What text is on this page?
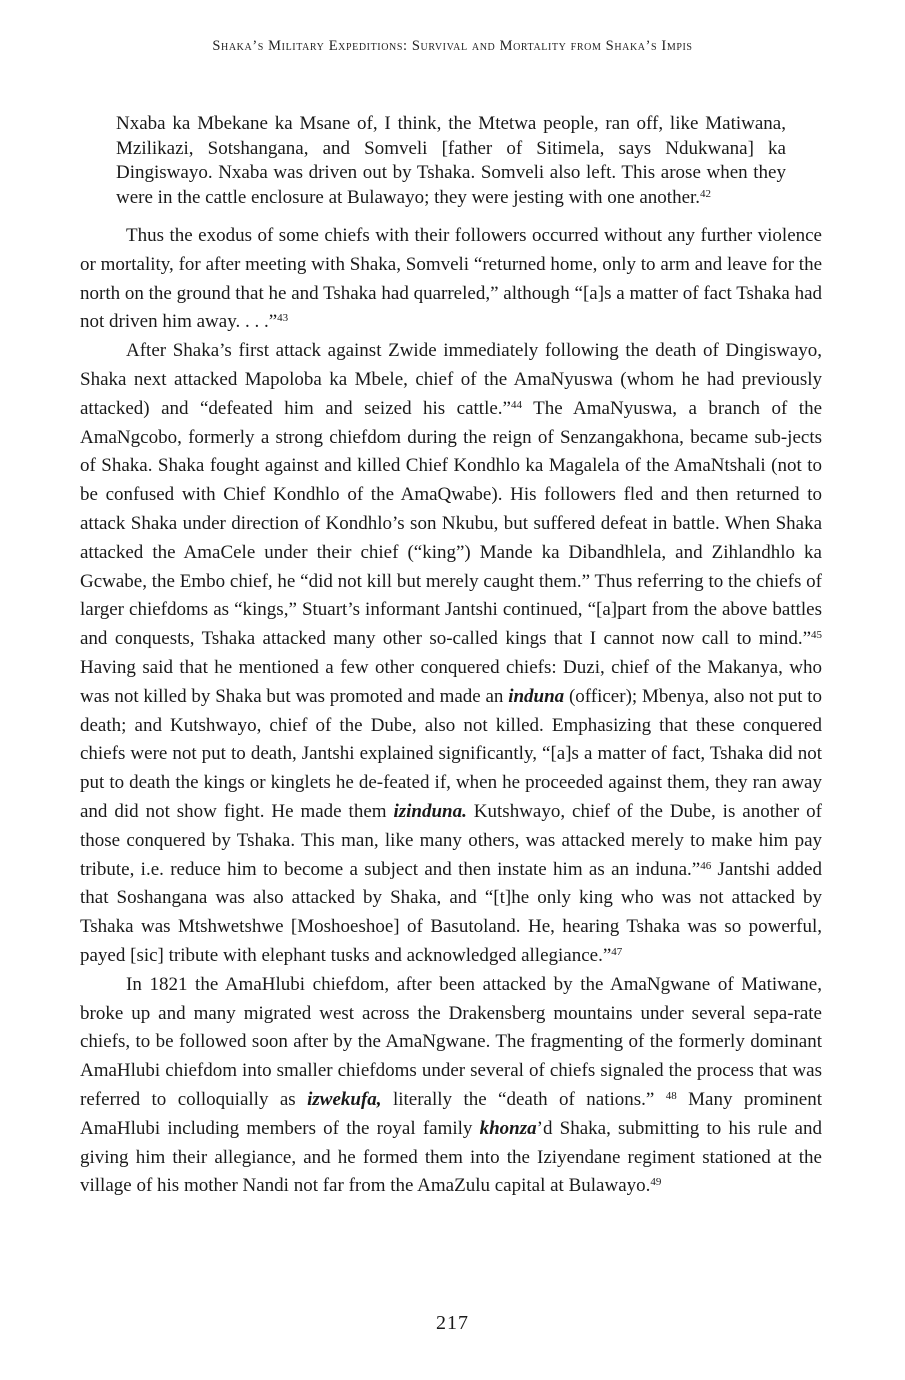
Shaka’s Military Expeditions: Survival and Mortality from Shaka’s Impis

Nxaba ka Mbekane ka Msane of, I think, the Mtetwa people, ran off, like Matiwana, Mzilikazi, Sotshangana, and Somveli [father of Sitimela, says Ndukwana] ka Dingiswayo. Nxaba was driven out by Tshaka. Somveli also left. This arose when they were in the cattle enclosure at Bulawayo; they were jesting with one another.$^{42}$

Thus the exodus of some chiefs with their followers occurred without any further violence or mortality, for after meeting with Shaka, Somveli “returned home, only to arm and leave for the north on the ground that he and Tshaka had quarreled,” although “[a]s a matter of fact Tshaka had not driven him away. . . .”$^{43}$

After Shaka’s first attack against Zwide immediately following the death of Dingiswayo, Shaka next attacked Mapoloba ka Mbele, chief of the AmaNyuswa (whom he had previously attacked) and “defeated him and seized his cattle.”$^{44}$ The AmaNyuswa, a branch of the AmaNgcobo, formerly a strong chiefdom during the reign of Senzangakhona, became sub-jects of Shaka. Shaka fought against and killed Chief Kondhlo ka Magalela of the AmaNtshali (not to be confused with Chief Kondhlo of the AmaQwabe). His followers fled and then returned to attack Shaka under direction of Kondhlo’s son Nkubu, but suffered defeat in battle. When Shaka attacked the AmaCele under their chief (“king”) Mande ka Dibandhlela, and Zihlandhlo ka Gcwabe, the Embo chief, he “did not kill but merely caught them.” Thus referring to the chiefs of larger chiefdoms as “kings,” Stuart’s informant Jantshi continued, “[a]part from the above battles and conquests, Tshaka attacked many other so-called kings that I cannot now call to mind.”$^{45}$ Having said that he mentioned a few other conquered chiefs: Duzi, chief of the Makanya, who was not killed by Shaka but was promoted and made an induna (officer); Mbenya, also not put to death; and Kutshwayo, chief of the Dube, also not killed. Emphasizing that these conquered chiefs were not put to death, Jantshi explained significantly, “[a]s a matter of fact, Tshaka did not put to death the kings or kinglets he de-feated if, when he proceeded against them, they ran away and did not show fight. He made them izinduna. Kutshwayo, chief of the Dube, is another of those conquered by Tshaka. This man, like many others, was attacked merely to make him pay tribute, i.e. reduce him to become a subject and then instate him as an induna.”$^{46}$ Jantshi added that Soshangana was also attacked by Shaka, and “[t]he only king who was not attacked by Tshaka was Mtshwetshwe [Moshoeshoe] of Basutoland. He, hearing Tshaka was so powerful, payed [sic] tribute with elephant tusks and acknowledged allegiance.”$^{47}$

In 1821 the AmaHlubi chiefdom, after been attacked by the AmaNgwane of Matiwane, broke up and many migrated west across the Drakensberg mountains under several sepa-rate chiefs, to be followed soon after by the AmaNgwane. The fragmenting of the formerly dominant AmaHlubi chiefdom into smaller chiefdoms under several of chiefs signaled the process that was referred to colloquially as izwekufa, literally the “death of nations.” $^{48}$ Many prominent AmaHlubi including members of the royal family khonza’d Shaka, submitting to his rule and giving him their allegiance, and he formed them into the Iziyendane regiment stationed at the village of his mother Nandi not far from the AmaZulu capital at Bulawayo.$^{49}$

217
